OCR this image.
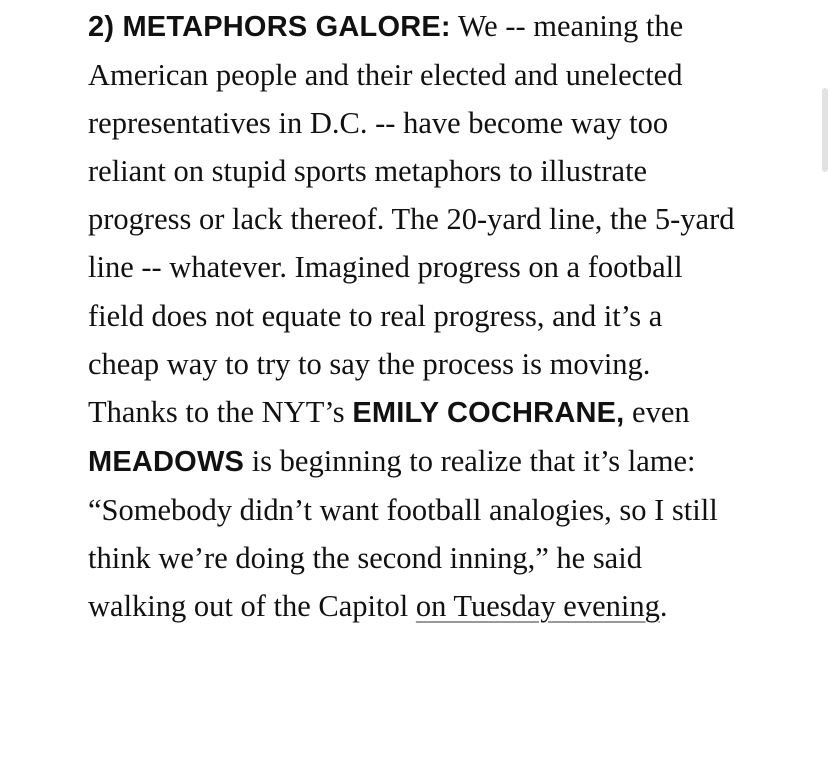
2) METAPHORS GALORE: We -- meaning the American people and their elected and unelected representatives in D.C. -- have become way too reliant on stupid sports metaphors to illustrate progress or lack thereof. The 20-yard line, the 5-yard line -- whatever. Imagined progress on a football field does not equate to real progress, and it’s a cheap way to try to say the process is moving. Thanks to the NYT’s EMILY COCHRANE, even MEADOWS is beginning to realize that it’s lame: “Somebody didn’t want football analogies, so I still think we’re doing the second inning,” he said walking out of the Capitol on Tuesday evening.
